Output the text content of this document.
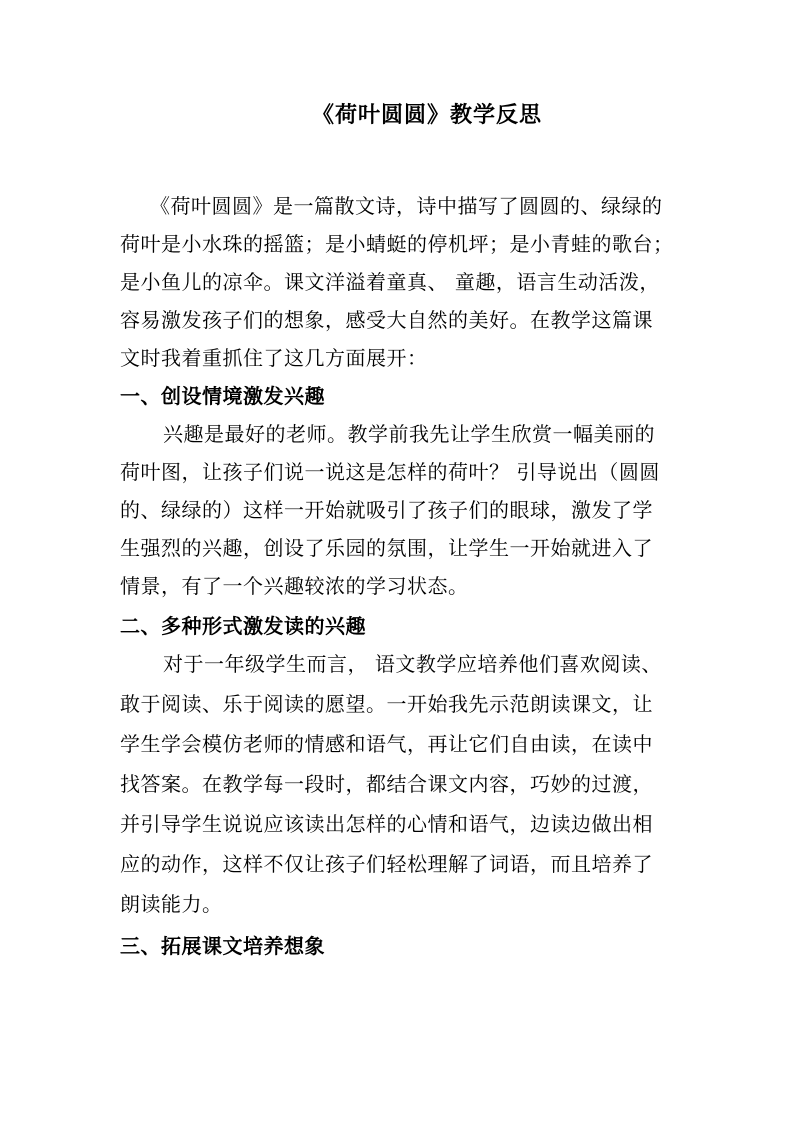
《荷叶圆圆》教学反思
《荷叶圆圆》是一篇散文诗，诗中描写了圆圆的、绿绿的
荷叶是小水珠的摇篮；是小蜻蜓的停机坪；是小青蛙的歌台；
是小鱼儿的凉伞。课文洋溢着童真、 童趣，语言生动活泼，
容易激发孩子们的想象，感受大自然的美好。在教学这篇课
文时我着重抓住了这几方面展开：
一、创设情境激发兴趣
兴趣是最好的老师。教学前我先让学生欣赏一幅美丽的
荷叶图，让孩子们说一说这是怎样的荷叶？ 引导说出（圆圆
的、绿绿的）这样一开始就吸引了孩子们的眼球，激发了学
生强烈的兴趣，创设了乐园的氛围，让学生一开始就进入了
情景，有了一个兴趣较浓的学习状态。
二、多种形式激发读的兴趣
对于一年级学生而言， 语文教学应培养他们喜欢阅读、
敢于阅读、乐于阅读的愿望。一开始我先示范朗读课文，让
学生学会模仿老师的情感和语气，再让它们自由读，在读中
找答案。在教学每一段时，都结合课文内容，巧妙的过渡，
并引导学生说说应该读出怎样的心情和语气，边读边做出相
应的动作，这样不仅让孩子们轻松理解了词语，而且培养了
朗读能力。
三、拓展课文培养想象
